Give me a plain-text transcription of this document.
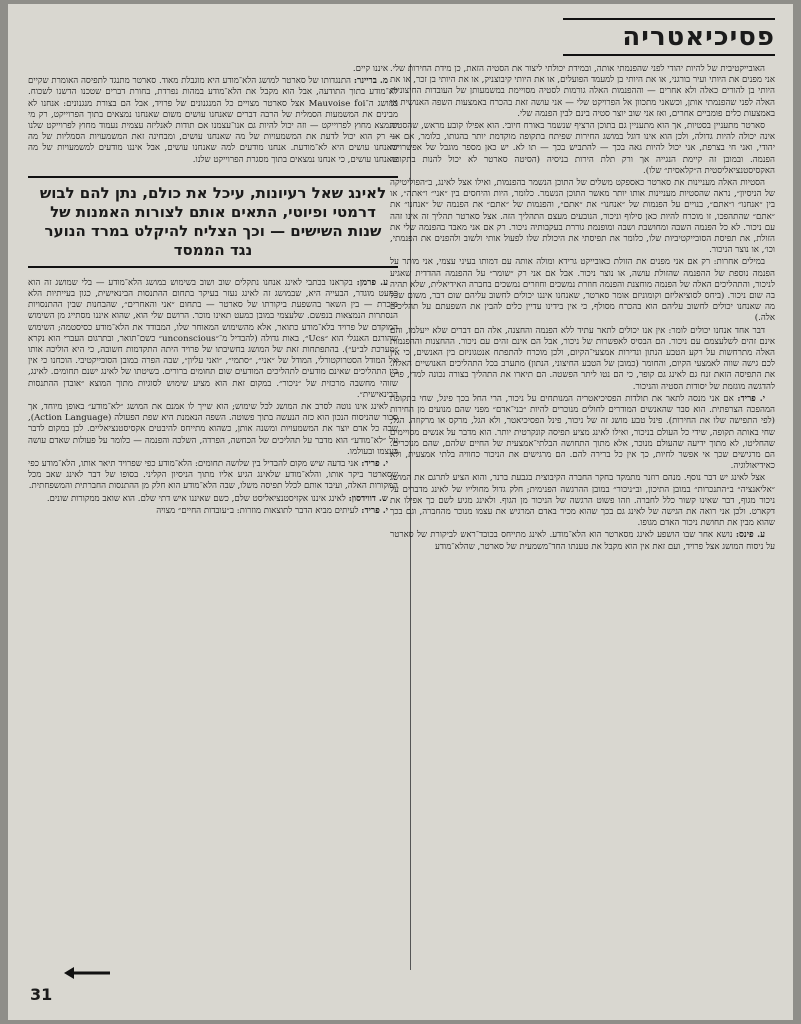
פסיכיאטריה

האובייקטיבית של להיות יהודי לפני שהפנמתי אותה, ובמידת יכולתי ליצור את הסטיה הזאת, כן מידת החירות שלי. אני מפנים את היותי ועיר בורגני, או את היותי בן למעמד הפועלים, או את היותי קיבוצניק, או את היותי בן זכר, או את היותי בן להורים כאלה ולא אחרים — וההפנמות האלה גורמות לסטיה מסויימת במשמעותן של העובדות החיצוניות האלה לפני שהפנמתי אותן, וכשאני מתכוון אל הפרויקט שלי — אני עושה זאת בהכרח באמצעות השפה האנושית או באמצעות כלים פומביים אחרים, ואז אני שוב יוצר סטיה בינם לבין הפנמה שלי.

סארטר מתעניין בסטיות, אך הוא מתעניין גם בתוכן הרציף שנשמר באורח חיובי. הוא אפילו קובע מראש, שהסטיה אינה יכולה להיות גדולה, ולכן הוא אינו דוגל במושג החירות שפיתח בתקופה מוקדמת יותר בהגותו, כלומר, אם אני יהודי, ואני חי בצרפת, אני יכול להיות גאה בכך — להתביש בכך — תו לא. יש כאן מספר מוגבל של אפשרויות הפנמה. ובמובן זה קיימת הנגייה אך ורק תלת הירות בניסיה (הסיטה סארטר לא יכול להנות בתקופה האקסיסטנציאליסטית ה״קלאסית״ שלו).

הסטיות האלה מעניינות את סארטר כאספקט משלים של התוכן הנשמר בהפנמות, ואילו אצל לאינג, ב״הפוליטיקה של הניסיון״, נראה שהסטיות מעניינות אותו יותר מאשר התוכן הנשמר. כלומר, היות והיחסים בין ״אני״ ו״אתה״, או בין ״אנחנו״ ו״אתם״, בנויים על הפנמות של ״אנחנו״ את ״אתם״, והפנמות של ״אתם״ את הפנמה של ״אנחנו״ את ״אתם״ שהתהפכו, זו מוכרח להיות כאן סילוף וניכור, הנובעים מעצם התהליך הזה. אצל סארטר תהליך זה אינו זהה עם ניכור. לא כל הפנמה השבה ומחושבת ושבה ומופנמת גוררת בעקבותיה ניכור. רק אם אני מאבד בהפנמה שלי את הזולת, את תפיסת הסובייקטיביות שלו, כלומר את תפיסתי את היכולת שלו לפעול אותי ולשוב ולהפנים את הפנמתי, וכו׳, או נוצר הניכור.

במילים אחרות: רק אם אני מפנים את הזולת כאובייקט גרידא ומולה אותה עם דמותו בעיני עצמי, אני מותר על הפנמה נוספת של ההפנמה שהזולת עושה, או נוצר ניכור. אבל אם אני רק ״שומר״ על ההפנמה ההדדית שאגיע לניכור, והתהליכים האלה של הפנמה מוחצנת והפנמה חוזרת נמשכים וחוזרים נמשכים בחברה האידיאלית, שלא תהיה בה שום ניכור. (ביחס לסוציאליזם וקומוניזם אומר סארטר, שאנחנו איננו יכולים לחשוב עליהם שום דבר, משום שכל מה שאנחנו יכולים לחשוב עליהם הוא בהכרח מסולף, כי אין בידינו עדיין כלים להבין את השפעתם על תהליכים אלה.)

דבר אחד אנחנו יכולים לומר: אין אנו יכולים לתאר עתיד ללא הפנמה והחצנה, אלה הם דברים שלא ייעלמו, והם אינם זהים לשלעצמם עם ניכור. הם הבסיס לאפשרות של ניכור, אבל הם אינם זהים עם ניכור. ההחצנות וההפנמות האלה מתרחשות על רקע הטבע הנתון ונדירות אמצעי־הקיום, ולכן מוכרח להתפתח אנטגוניזם בין האנשים, כי אין לכם גישה שווה לאמצעי הקיום, והחומר (כמובן של הטבע החיצוני, הנתון) מתערב בכל התהליכים האנושיים האלה. את התפיסה הזאת זנח גם לאינג גם קופר, כי הם נטו ליתר הפשטה. הם תיארו את התהליך בצורה נכונה למדי, פרט להדגשה מוגזמת של יסודות הסטיה והניכור.

י. פריד: אם אני מנסה לתאר את תולדות הפסיכיאטריה המנותחים על ניכור, הרי החל בכך פינל, שחי בתקופת המהפכה הצרפתית. הוא סבר שהאנשים המודרים לחולים מנוכרים להיות ״בני־אדם״ מפני שהם מנועים מן החירות (לפי התפישה שלו את החירות). פינל טבע מושג זה של ניכור, פינל הפסיכיאטר, ולא הגל, מרקס או מרקוזה. הגל, שחי באותה תקופה, שידי כל העולם בניכור, ואילו לאינג מציע תפיסה קונקרטית יותר. הוא מדבר על אנשים מסויימים שהחליטו, לא מתוך ידיעה שהעולם מנוכר, אלא מתוך התחושה הבלתי־אמצעית של החיים שלהם, שהם מנוכרים. הם מרגישים שכך אי אפשר לחיות, כך אין כל ברירה להם. הם מרגישים את הניכור כחוויה בלתי אמצעית, ולא כאידיאולוגיה.

אצל לאינג יש דבר נוסף. מנהם רוזנר מתמקד בחקר החברה הקיבוצית בגבעת ברנר, והוא הציע לתרגם את המושג ״אליאנציה״ ב״התנכרות״ במובן התיכון, וב״ניכור״ במובן ההרגשה הפנימית; חלק גדול מחולייו של לאינג מדברים על ניכור מגוף, דבר שאינו קשור כלל לחברה. וזהו פשוט הרגשה של הניכור מן הגוף. ולאינג מגיע לשם כך אפילו את דקארט. ולכן אני רואה את הגישה של לאינג גם בכך שהוא מכיר באדם המרגיש את עצמו מנוכר מהחברה, וגם בכך שהוא מבין את תחושת ניכור האדם מגופו.

ע. פינס: נושא אחר שבו הושפע לאינג מסארטר הוא הלא־מודע. לאינג מתייחס בכובד־ראש לביקורת של סארטר על ניסוח המושג אצל פרויד, ועם זאת אין הוא מקבל את טענתו החד־משמעית של סארטר, שהלא־מודע

איננו קיים.

מ. בריינר: התנגדותו של סארטר למושג הלא־מודע היא מוגבלת מאוד. סארטר מתנגד לתפיסה האומרת שקיים לא־מודע בתוך התודעה, אבל הוא מקבל את הלא־מודע במהות נפרדת, בחורת דברים שטכנו הדשנו לשכוח. במושג ה־Mauvoise foi אצל סארטר מצויים כל המנגנונים של פרויד, אבל הם בצורת מנגנונים: אנחנו לא מבינים את המשמעות הסמלית של הרבה דברים שאנחנו עושים משום שאנחנו נמצאים בתוך הפרוייקט, רק מי שנמצא מחוץ לפרוייקט — וזה יכול להיות גם אנו־עצמנו אם תודות לאנליזה עצמית נעמוד מחוץ לפרוייקט שלנו — רק הוא יכול לדעת את המשמעויות של מה שאנחנו עושים, ומבחינה זאת המשמעויות הסמליות של מה שאנחנו עושים היא לא־מודעת. אנחנו מודעים למה שאנחנו עושים, אבל איננו מודעים למשמעויות של מה שאנחנו עושים, כי אנחנו נמצאים בתוך מסגרת הפרוייקט שלנו.

לאינג שאל רעיונות, עיכל את כולם, נתן להם לבוש דרמטי ופיוטי, התאים אותם לצורות האמנות של שנות השישים — וכך הצליח להיקלט במרד הנוער נגד הממסד

ע. פרמן: בקראנו בכתבי לאינג אנחנו נתקלים שוב ושוב בשימוש במושג הלא־מודע — בלי שמושג זה הוא כמעט מוגדר, הבעייה היא, שבמושג זה לאינג נעזר בעיקר בתחום ההתנסות הבינאישית, כגון בעייתיות הלא מוכרת — בין השאר בהשפעת ביקורתו של סארטר — בתחום ״אני והאחרים״, שהבחנות שבין ההתנסויות הנסתרות הנמצאות בנפשם. שלעצמי במובן כמעט תאינו מוכר. הרושם שלי הוא, שהוא איננו מסתייג מן השימוש המוקדם של פרויד בלא־מודע כתואר, אלא מהשימוש המאוחר שלו, המבודד את הלא־מודע כסיסטמה; השימוש שהורגם האנגלי הוא ״Ucs״, באות גדולה (להבדיל מ־״unconscious״ כשם־תואר, ובתרגום העברי הוא נקרא ״מערכת לב״ע״). בהתפתחות זאת של המושג בחשיבתו של פרויד היתה התקדמות חשובה, כי היא הוליכה אותו אל המודל הסטרוקטורלי, המודל של ״אני״, ״סתמי״, ״ואני עליון״, שבה הפרה במובן הסובייקטיבי. הוכחנו כי אין בין התהליכים שאינם מודעים לתהליכים המודעים שום תחומים ברורים. בשיטתו של לאינג ישנם תחומים. לאינג, שזוהי מחשבה מרכזית של ״ניכור״. במקום זאת הוא מציע שימוש לסוגיות מתוך המוצא ״אובדן ההתנסות הבינאישית״.

לאינג אינו נוטה לסרב את המושג לכל שימוש; הוא שייך לו אמנם את המושג ״לא־מודע״ באופן מיוחד, אך סבור שהניסוח הנכון הוא כזה הנעשה בתוך פשוטה. השפה הנאמנת היא שפת הפעולה (Action Language), שבה כל אדם יוצר את המשמעויות ומשנה אותן, כשהוא מתייחס להיבטים אקסיסטנציאליים. לכן במקום לדבר על ״לא־מודע״ הוא מדבר על תהליכים של הכחשה, הפרדה, השלכה והפנמה — כלומר על פעולות שאדם עושה בעצמו ובעולמו.

י. פריד: אני בדעה שיש מקום להבדיל בין שלושה תחומים: הלא־מודע כפי שפרויד תיאר אותו, הלא־מודע כפי שסארטר ביקר אותו, והלא־מודע שלאינג הגיע אליו מתוך הניסיון הקליני. בסופו של דבר לאינג שאב מכל המקורות האלה, ועיבד אותם לכלל תפיסה משלו, שבה הלא־מודע הוא חלק מן ההתנסות החברתית והמשפחתית.

ש. דווידסון: לאינג איננו אקזיסטנציאליסט שלם, כשם שאיננו איש דתי שלם. הוא שואב ממקורות שונים.

י. פריד: לעיתים מביא הדבר לתוצאות מוזרות: ב״עובדות החיים״ מצויה

31
